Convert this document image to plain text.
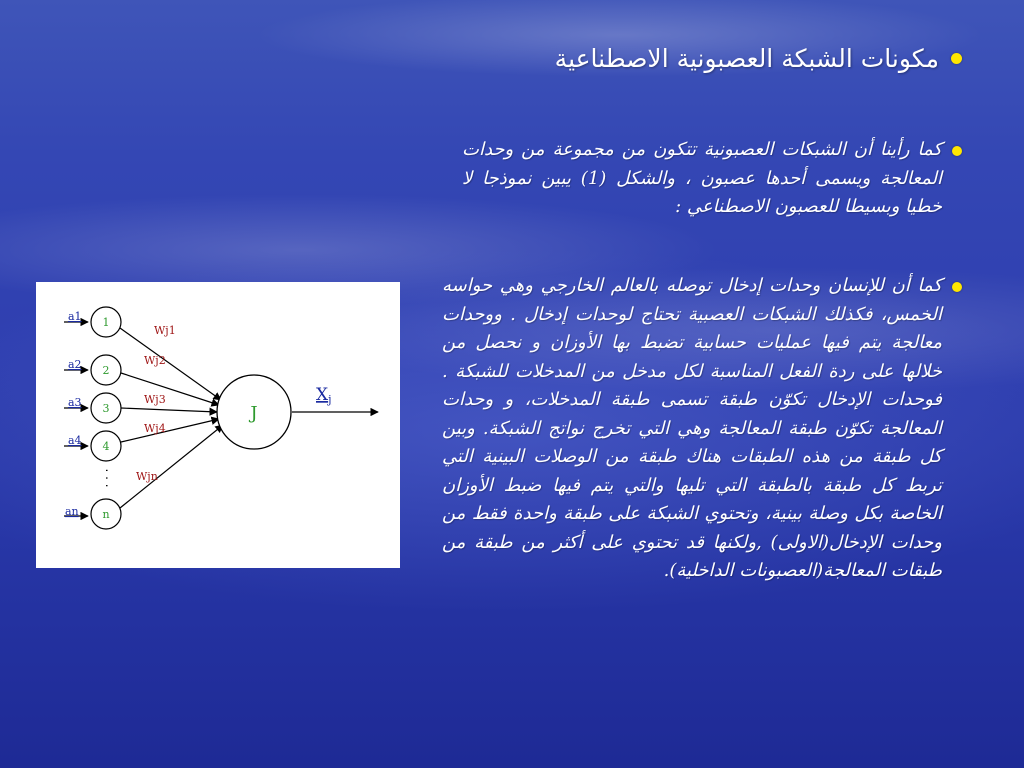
مكونات الشبكة العصبونية الاصطناعية
كما رأينا أن الشبكات العصبونية تتكون من مجموعة من وحدات المعالجة ويسمى أحدها عصبون ، والشكل (1) يبين نموذجا لا خطيا وبسيطا للعصبون الاصطناعي :
كما أن للإنسان وحدات إدخال توصله بالعالم الخارجي وهي حواسه الخمس، فكذلك الشبكات العصبية تحتاج لوحدات إدخال . ووحدات معالجة يتم فيها عمليات حسابية تضبط بها الأوزان و نحصل من خلالها على ردة الفعل المناسبة لكل مدخل من المدخلات للشبكة . فوحدات الإدخال تكوّن طبقة تسمى طبقة المدخلات، و وحدات المعالجة تكوّن طبقة المعالجة وهي التي تخرج نواتج الشبكة. وبين كل طبقة من هذه الطبقات هناك طبقة من الوصلات البينية التي تربط كل طبقة بالطبقة التي تليها والتي يتم فيها ضبط الأوزان الخاصة بكل وصلة بينية، وتحتوي الشبكة على طبقة واحدة فقط من وحدات الإدخال(الاولى) ,ولكنها قد تحتوي على أكثر من طبقة من طبقات المعالجة(العصبونات الداخلية).
a1
a2
a3
a4
an
1
2
3
4
n
. . .
Wj1
Wj2
Wj3
Wj4
Wjn
J
Xj
